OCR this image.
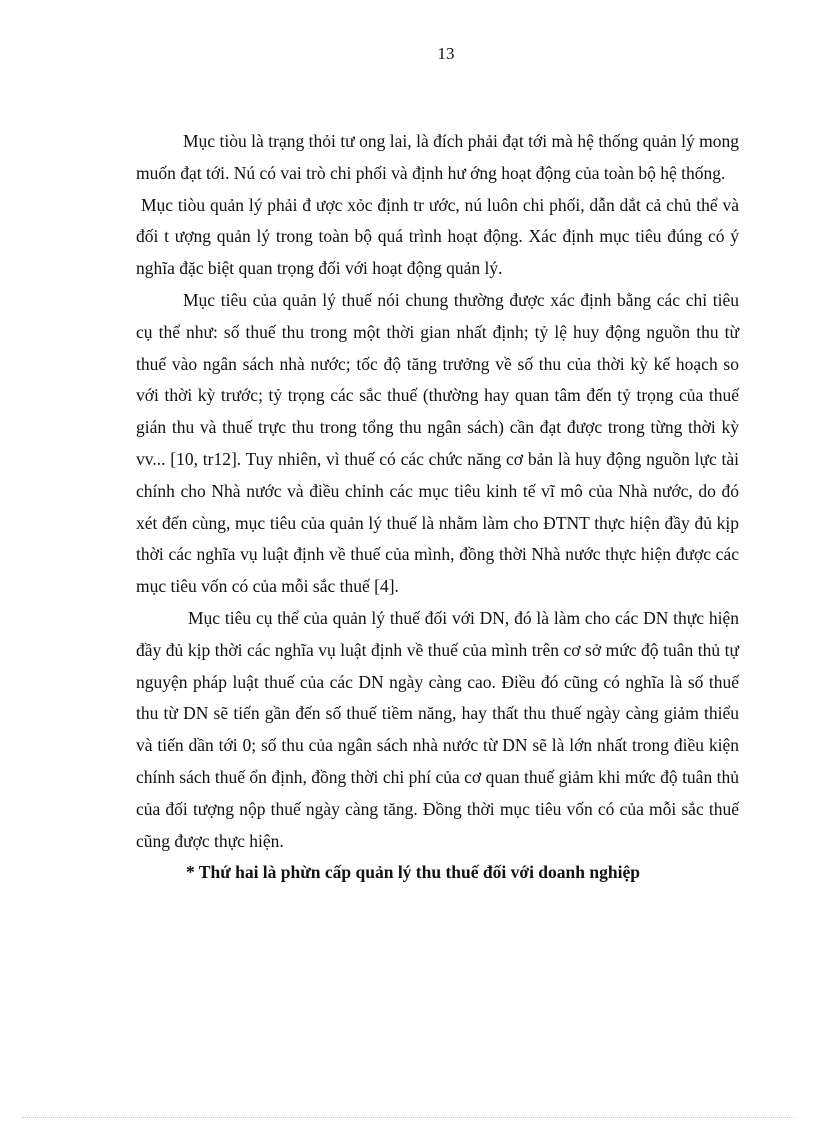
13

Mục tiòu là trạng thỏi tư ong lai, là đích phải đạt tới mà hệ thống quản lý mong muốn đạt tới. Nú có vai trò chi phối và định hư ớng hoạt động của toàn bộ hệ thống.

Mục tiòu quản lý phải đ ược xỏc định tr ước, nú luôn chi phối, dẫn dắt cả chủ thể và đối t ượng quản lý trong toàn bộ quá trình hoạt động. Xác định mục tiêu đúng có ý nghĩa đặc biệt quan trọng đối với hoạt động quản lý.

Mục tiêu của quản lý thuế nói chung thường được xác định bằng các chỉ tiêu cụ thể như: số thuế thu trong một thời gian nhất định; tỷ lệ huy động nguồn thu từ thuế vào ngân sách nhà nước; tốc độ tăng trưởng về số thu của thời kỳ kế hoạch so với thời kỳ trước; tỷ trọng các sắc thuế (thường hay quan tâm đến tỷ trọng của thuế gián thu và thuế trực thu trong tổng thu ngân sách) cần đạt được trong từng thời kỳ vv... [10, tr12]. Tuy nhiên, vì thuế có các chức năng cơ bản là huy động nguồn lực tài chính cho Nhà nước và điều chỉnh các mục tiêu kinh tế vĩ mô của Nhà nước, do đó xét đến cùng, mục tiêu của quản lý thuế là nhằm làm cho ĐTNT thực hiện đầy đủ kịp thời các nghĩa vụ luật định về thuế của mình, đồng thời Nhà nước thực hiện được các mục tiêu vốn có của mỗi sắc thuế [4].

Mục tiêu cụ thể của quản lý thuế đối với DN, đó là làm cho các DN thực hiện đầy đủ kịp thời các nghĩa vụ luật định về thuế của mình trên cơ sở mức độ tuân thủ tự nguyện pháp luật thuế của các DN ngày càng cao. Điều đó cũng có nghĩa là số thuế thu từ DN sẽ tiến gần đến số thuế tiềm năng, hay thất thu thuế ngày càng giảm thiểu và tiến dần tới 0; số thu của ngân sách nhà nước từ DN sẽ là lớn nhất trong điều kiện chính sách thuế ổn định, đồng thời chi phí của cơ quan thuế giảm khi mức độ tuân thủ của đối tượng nộp thuế ngày càng tăng. Đồng thời mục tiêu vốn có của mỗi sắc thuế cũng được thực hiện.

* Thứ hai là phừn cấp quản lý thu thuế đối với doanh nghiệp
